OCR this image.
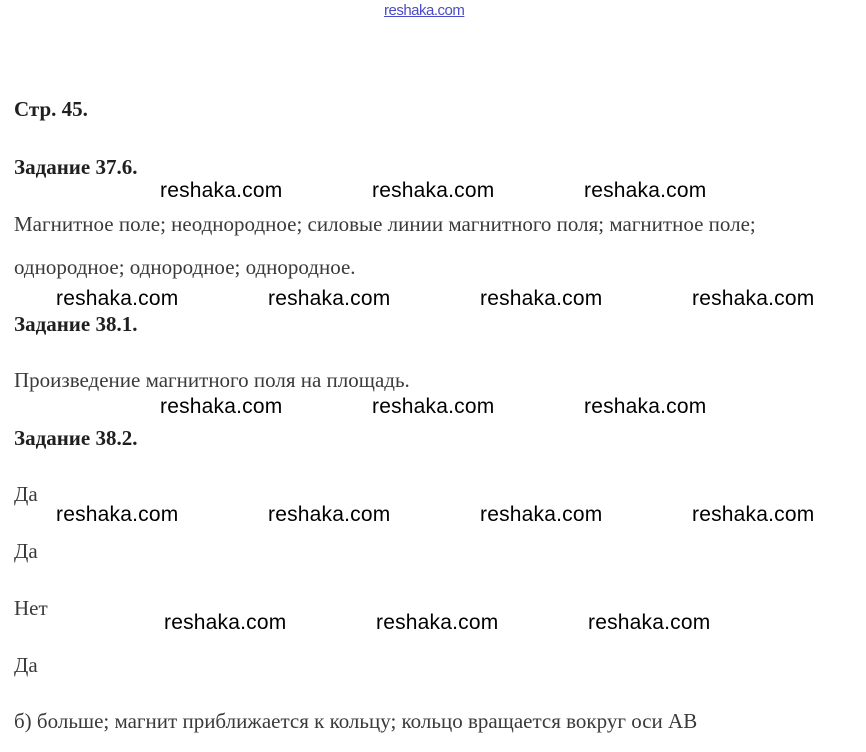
reshaka.com
Стр. 45.
Задание 37.6.
Магнитное поле; неоднородное; силовые линии магнитного поля; магнитное поле;
однородное; однородное; однородное.
Задание 38.1.
Произведение магнитного поля на площадь.
Задание 38.2.
Да
Да
Нет
Да
б) больше; магнит приближается к кольцу; кольцо вращается вокруг оси АВ
reshaka.com	reshaka.com	reshaka.com
reshaka.com	reshaka.com	reshaka.com	reshaka.com
reshaka.com	reshaka.com	reshaka.com
reshaka.com	reshaka.com	reshaka.com	reshaka.com
reshaka.com	reshaka.com	reshaka.com
